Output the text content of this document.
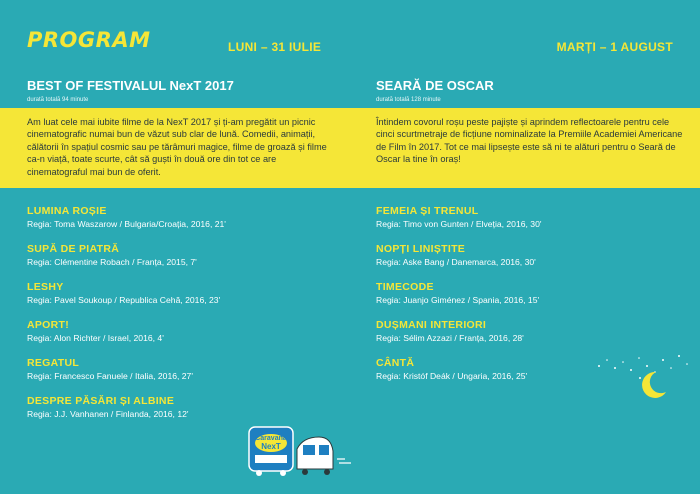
PROGRAM	LUNI – 31 IULIE	MARȚI – 1 AUGUST
BEST OF FESTIVALUL NexT 2017
durată totală 94 minute
SEARĂ DE OSCAR
durată totală 128 minute
Am luat cele mai iubite filme de la NexT 2017 și ți-am pregătit un picnic cinematografic numai bun de văzut sub clar de lună. Comedii, animații, călătorii în spațiul cosmic sau pe tărâmuri magice, filme de groază și filme ca-n viață, toate scurte, cât să guști în două ore din tot ce are cinematograful mai bun de oferit.
Întindem covorul roșu peste pajiște și aprindem reflectoarele pentru cele cinci scurtmetraje de ficțiune nominalizate la Premiile Academiei Americane de Film în 2017. Tot ce mai lipsește este să ni te alături pentru o Seară de Oscar la tine în oraș!
LUMINA ROȘIE
Regia: Toma Waszarow / Bulgaria/Croația, 2016, 21'
SUPĂ DE PIATRĂ
Regia: Clémentine Robach / Franța, 2015, 7'
LESHY
Regia: Pavel Soukoup / Republica Cehă, 2016, 23'
APORT!
Regia: Alon Richter / Israel, 2016, 4'
REGATUL
Regia: Francesco Fanuele / Italia, 2016, 27'
DESPRE PĂSĂRI ȘI ALBINE
Regia: J.J. Vanhanen / Finlanda, 2016, 12'
FEMEIA ȘI TRENUL
Regia: Timo von Gunten / Elveția, 2016, 30'
NOPȚI LINIȘTITE
Regia: Aske Bang / Danemarca, 2016, 30'
TIMECODE
Regia: Juanjo Giménez / Spania, 2016, 15'
DUȘMANI INTERIORI
Regia: Sélim Azzazi / Franța, 2016, 28'
CÂNTĂ
Regia: Kristóf Deák / Ungaria, 2016, 25'
Caravana
NexT
